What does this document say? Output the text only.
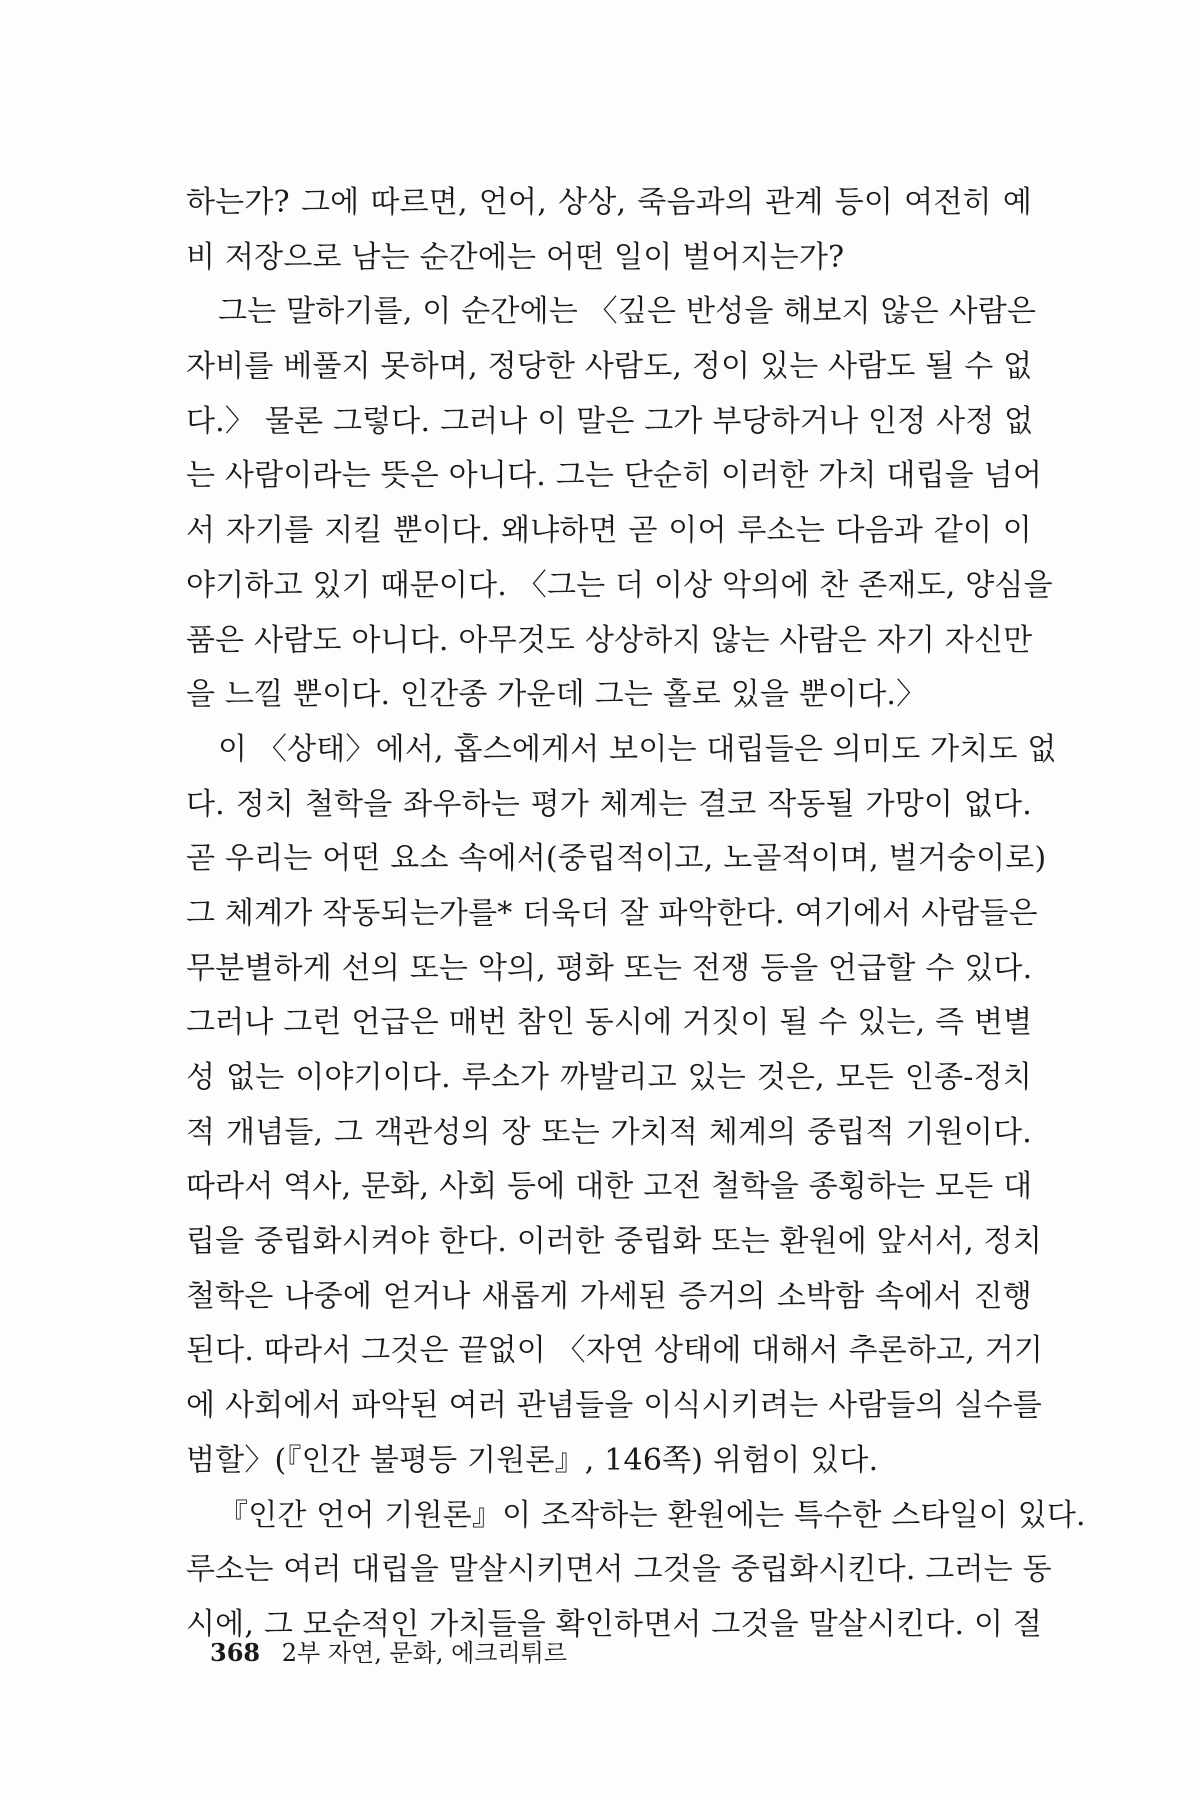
하는가? 그에 따르면, 언어, 상상, 죽음과의 관계 등이 여전히 예
비 저장으로 남는 순간에는 어떤 일이 벌어지는가?
그는 말하기를, 이 순간에는 〈깊은 반성을 해보지 않은 사람은
자비를 베풀지 못하며, 정당한 사람도, 정이 있는 사람도 될 수 없
다.〉 물론 그렇다. 그러나 이 말은 그가 부당하거나 인정 사정 없
는 사람이라는 뜻은 아니다. 그는 단순히 이러한 가치 대립을 넘어
서 자기를 지킬 뿐이다. 왜냐하면 곧 이어 루소는 다음과 같이 이
야기하고 있기 때문이다. 〈그는 더 이상 악의에 찬 존재도, 양심을
품은 사람도 아니다. 아무것도 상상하지 않는 사람은 자기 자신만
을 느낄 뿐이다. 인간종 가운데 그는 홀로 있을 뿐이다.〉
이 〈상태〉에서, 홉스에게서 보이는 대립들은 의미도 가치도 없
다. 정치 철학을 좌우하는 평가 체계는 결코 작동될 가망이 없다.
곧 우리는 어떤 요소 속에서(중립적이고, 노골적이며, 벌거숭이로)
그 체계가 작동되는가를* 더욱더 잘 파악한다. 여기에서 사람들은
무분별하게 선의 또는 악의, 평화 또는 전쟁 등을 언급할 수 있다.
그러나 그런 언급은 매번 참인 동시에 거짓이 될 수 있는, 즉 변별
성 없는 이야기이다. 루소가 까발리고 있는 것은, 모든 인종-정치
적 개념들, 그 객관성의 장 또는 가치적 체계의 중립적 기원이다.
따라서 역사, 문화, 사회 등에 대한 고전 철학을 종횡하는 모든 대
립을 중립화시켜야 한다. 이러한 중립화 또는 환원에 앞서서, 정치
철학은 나중에 얻거나 새롭게 가세된 증거의 소박함 속에서 진행
된다. 따라서 그것은 끝없이 〈자연 상태에 대해서 추론하고, 거기
에 사회에서 파악된 여러 관념들을 이식시키려는 사람들의 실수를
범할〉(『인간 불평등 기원론』, 146쪽) 위험이 있다.
『인간 언어 기원론』이 조작하는 환원에는 특수한 스타일이 있다.
루소는 여러 대립을 말살시키면서 그것을 중립화시킨다. 그러는 동
시에, 그 모순적인 가치들을 확인하면서 그것을 말살시킨다. 이 절
368 2부 자연, 문화, 에크리튀르
